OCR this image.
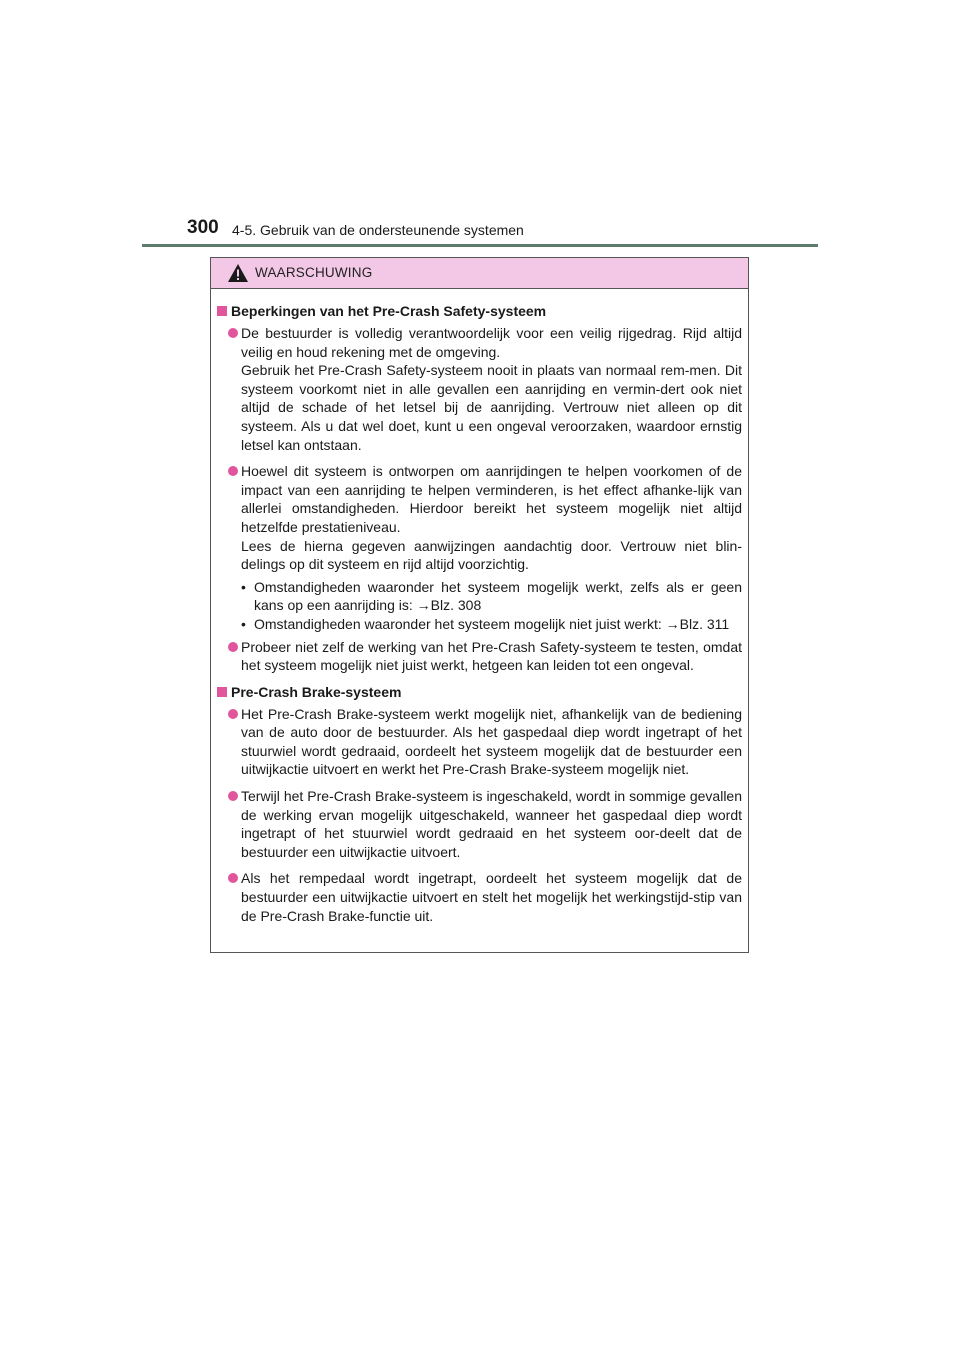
300 4-5. Gebruik van de ondersteunende systemen
WAARSCHUWING
Beperkingen van het Pre-Crash Safety-systeem

De bestuurder is volledig verantwoordelijk voor een veilig rijgedrag. Rijd altijd veilig en houd rekening met de omgeving.

Gebruik het Pre-Crash Safety-systeem nooit in plaats van normaal rem-men. Dit systeem voorkomt niet in alle gevallen een aanrijding en vermin-dert ook niet altijd de schade of het letsel bij de aanrijding. Vertrouw niet alleen op dit systeem. Als u dat wel doet, kunt u een ongeval veroorzaken, waardoor ernstig letsel kan ontstaan.

Hoewel dit systeem is ontworpen om aanrijdingen te helpen voorkomen of de impact van een aanrijding te helpen verminderen, is het effect afhanke-lijk van allerlei omstandigheden. Hierdoor bereikt het systeem mogelijk niet altijd hetzelfde prestatieniveau.

Lees de hierna gegeven aanwijzingen aandachtig door. Vertrouw niet blin-delings op dit systeem en rijd altijd voorzichtig.

• Omstandigheden waaronder het systeem mogelijk werkt, zelfs als er geen kans op een aanrijding is: →Blz. 308
• Omstandigheden waaronder het systeem mogelijk niet juist werkt: →Blz. 311

Probeer niet zelf de werking van het Pre-Crash Safety-systeem te testen, omdat het systeem mogelijk niet juist werkt, hetgeen kan leiden tot een ongeval.

Pre-Crash Brake-systeem

Het Pre-Crash Brake-systeem werkt mogelijk niet, afhankelijk van de bediening van de auto door de bestuurder. Als het gaspedaal diep wordt ingetrapt of het stuurwiel wordt gedraaid, oordeelt het systeem mogelijk dat de bestuurder een uitwijkactie uitvoert en werkt het Pre-Crash Brake-systeem mogelijk niet.

Terwijl het Pre-Crash Brake-systeem is ingeschakeld, wordt in sommige gevallen de werking ervan mogelijk uitgeschakeld, wanneer het gaspedaal diep wordt ingetrapt of het stuurwiel wordt gedraaid en het systeem oor-deelt dat de bestuurder een uitwijkactie uitvoert.

Als het rempedaal wordt ingetrapt, oordeelt het systeem mogelijk dat de bestuurder een uitwijkactie uitvoert en stelt het mogelijk het werkingstijd-stip van de Pre-Crash Brake-functie uit.
